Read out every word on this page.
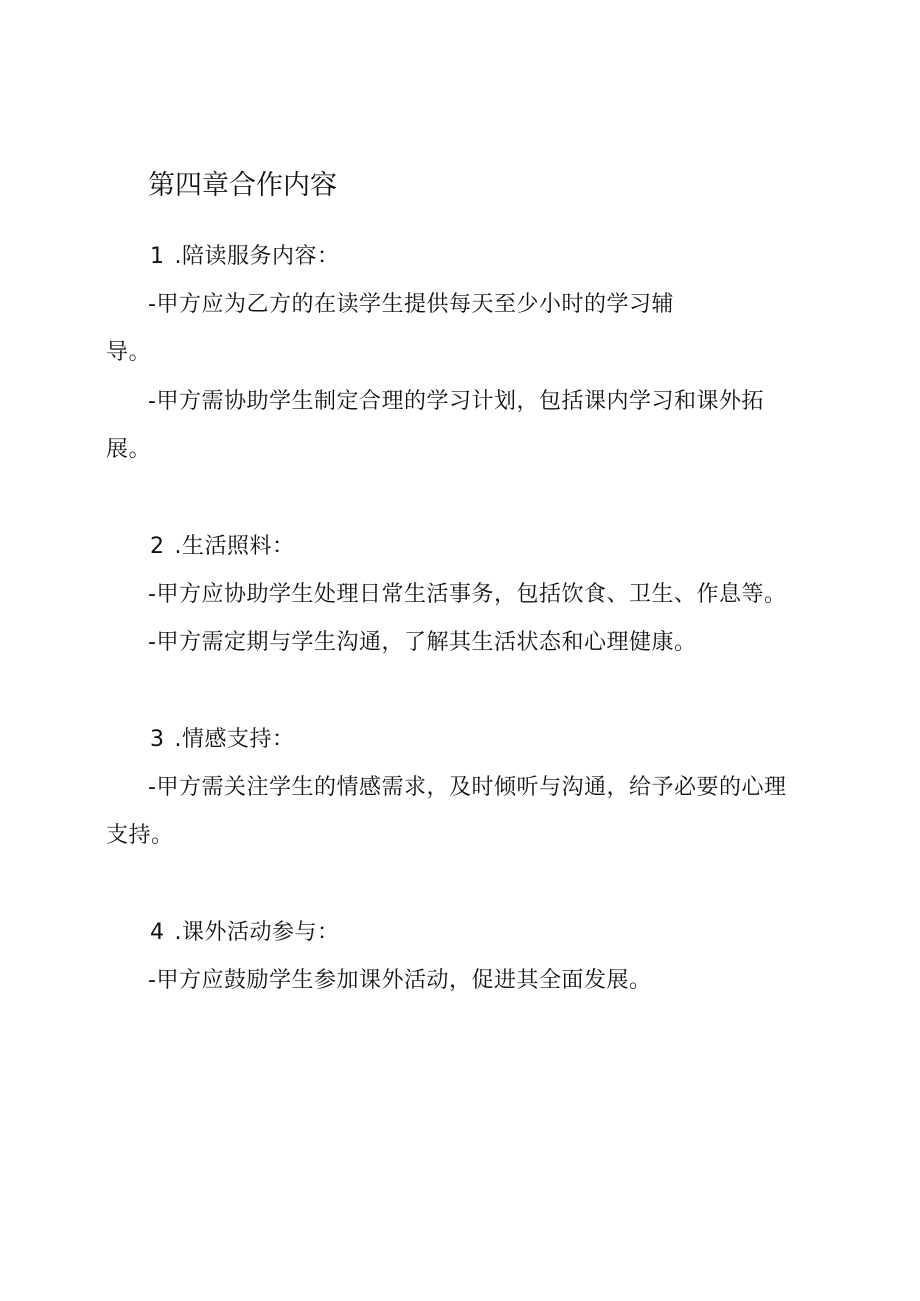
第四章合作内容
1 .陪读服务内容：
-甲方应为乙方的在读学生提供每天至少小时的学习辅
导。
-甲方需协助学生制定合理的学习计划，包括课内学习和课外拓
展。
2 .生活照料：
-甲方应协助学生处理日常生活事务，包括饮食、卫生、作息等。
-甲方需定期与学生沟通，了解其生活状态和心理健康。
3 .情感支持：
-甲方需关注学生的情感需求，及时倾听与沟通，给予必要的心理
支持。
4 .课外活动参与：
-甲方应鼓励学生参加课外活动，促进其全面发展。
